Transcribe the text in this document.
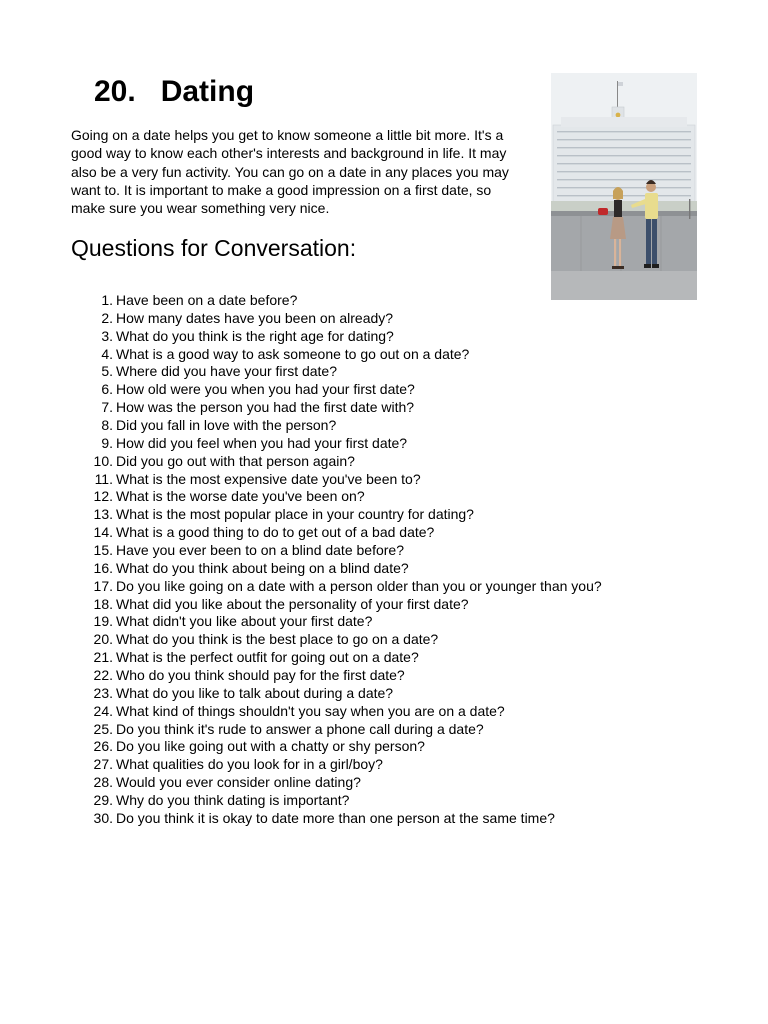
20.   Dating
Going on a date helps you get to know someone a little bit more. It's a good way to know each other's interests and background in life. It may also be a very fun activity. You can go on a date in any places you may want to. It is important to make a good impression on a first date, so make sure you wear something very nice.
Questions for Conversation:
1. Have been on a date before?
2. How many dates have you been on already?
3. What do you think is the right age for dating?
4. What is a good way to ask someone to go out on a date?
5. Where did you have your first date?
6. How old were you when you had your first date?
7. How was the person you had the first date with?
8. Did you fall in love with the person?
9. How did you feel when you had your first date?
10. Did you go out with that person again?
11. What is the most expensive date you've been to?
12. What is the worse date you've been on?
13. What is the most popular place in your country for dating?
14. What is a good thing to do to get out of a bad date?
15. Have you ever been to on a blind date before?
16. What do you think about being on a blind date?
17. Do you like going on a date with a person older than you or younger than you?
18. What did you like about the personality of your first date?
19. What didn't you like about your first date?
20. What do you think is the best place to go on a date?
21. What is the perfect outfit for going out on a date?
22. Who do you think should pay for the first date?
23. What do you like to talk about during a date?
24. What kind of things shouldn't you say when you are on a date?
25. Do you think it's rude to answer a phone call during a date?
26. Do you like going out with a chatty or shy person?
27. What qualities do you look for in a girl/boy?
28. Would you ever consider online dating?
29. Why do you think dating is important?
30. Do you think it is okay to date more than one person at the same time?
